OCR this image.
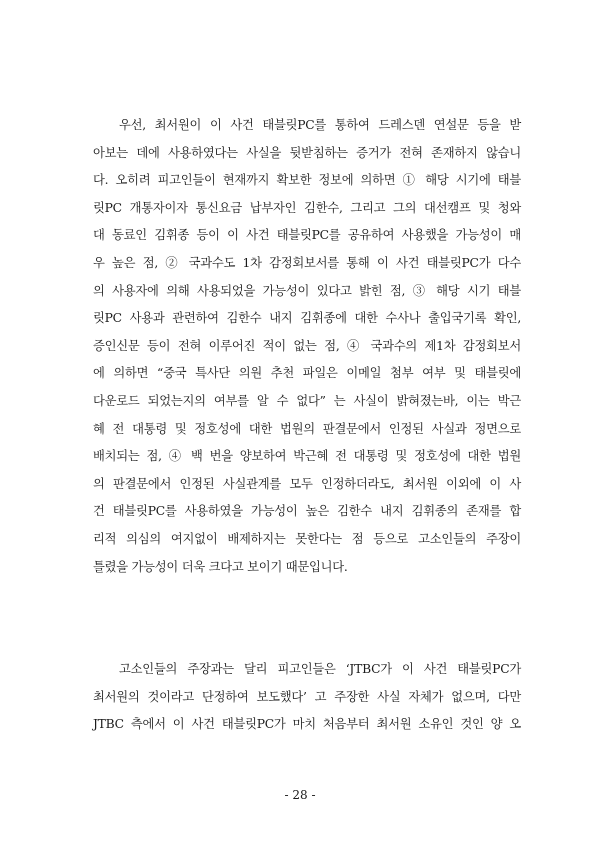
우선, 최서원이 이 사건 태블릿PC를 통하여 드레스덴 연설문 등을 받
아보는 데에 사용하였다는 사실을 뒷받침하는 증거가 전혀 존재하지 않습니
다. 오히려 피고인들이 현재까지 확보한 정보에 의하면 ① 해당 시기에 태블
릿PC 개통자이자 통신요금 납부자인 김한수, 그리고 그의 대선캠프 및 청와
대 동료인 김휘종 등이 이 사건 태블릿PC를 공유하여 사용했을 가능성이 매
우 높은 점, ② 국과수도 1차 감정회보서를 통해 이 사건 태블릿PC가 다수
의 사용자에 의해 사용되었을 가능성이 있다고 밝힌 점, ③ 해당 시기 태블
릿PC 사용과 관련하여 김한수 내지 김휘종에 대한 수사나 출입국기록 확인,
증인신문 등이 전혀 이루어진 적이 없는 점, ④ 국과수의 제1차 감정회보서
에 의하면 “중국 특사단 의원 추천 파일은 이메일 첨부 여부 및 태블릿에
다운로드 되었는지의 여부를 알 수 없다” 는 사실이 밝혀졌는바, 이는 박근
혜 전 대통령 및 정호성에 대한 법원의 판결문에서 인정된 사실과 정면으로
배치되는 점, ④ 백 번을 양보하여 박근혜 전 대통령 및 정호성에 대한 법원
의 판결문에서 인정된 사실관계를 모두 인정하더라도, 최서원 이외에 이 사
건 태블릿PC를 사용하였을 가능성이 높은 김한수 내지 김휘종의 존재를 합
리적 의심의 여지없이 배제하지는 못한다는 점 등으로 고소인들의 주장이
틀렸을 가능성이 더욱 크다고 보이기 때문입니다.
고소인들의 주장과는 달리 피고인들은 ‘JTBC가 이 사건 태블릿PC가
최서원의 것이라고 단정하여 보도했다’ 고 주장한 사실 자체가 없으며, 다만
JTBC 측에서 이 사건 태블릿PC가 마치 처음부터 최서원 소유인 것인 양 오
- 28 -
